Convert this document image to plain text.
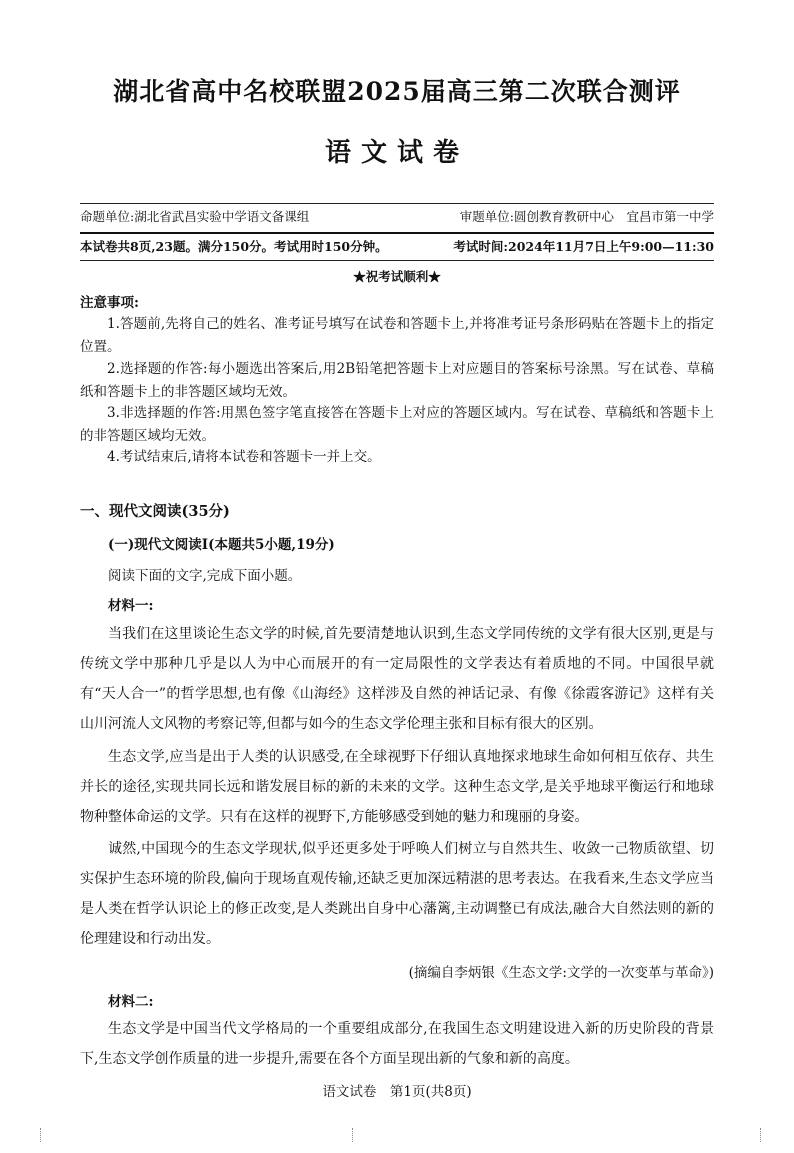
湖北省高中名校联盟2025届高三第二次联合测评
语文试卷
命题单位:湖北省武昌实验中学语文备课组	审题单位:圆创教育教研中心　宜昌市第一中学
本试卷共8页,23题。满分150分。考试用时150分钟。	考试时间:2024年11月7日上午9:00—11:30
★祝考试顺利★
注意事项:

1.答题前,先将自己的姓名、准考证号填写在试卷和答题卡上,并将准考证号条形码贴在答题卡上的指定位置。

2.选择题的作答:每小题选出答案后,用2B铅笔把答题卡上对应题目的答案标号涂黑。写在试卷、草稿纸和答题卡上的非答题区域均无效。

3.非选择题的作答:用黑色签字笔直接答在答题卡上对应的答题区域内。写在试卷、草稿纸和答题卡上的非答题区域均无效。

4.考试结束后,请将本试卷和答题卡一并上交。

一、现代文阅读(35分)
(一)现代文阅读Ⅰ(本题共5小题,19分)
阅读下面的文字,完成下面小题。
材料一:

当我们在这里谈论生态文学的时候,首先要清楚地认识到,生态文学同传统的文学有很大区别,更是与传统文学中那种几乎是以人为中心而展开的有一定局限性的文学表达有着质地的不同。中国很早就有“天人合一”的哲学思想,也有像《山海经》这样涉及自然的神话记录、有像《徐霞客游记》这样有关山川河流人文风物的考察记等,但都与如今的生态文学伦理主张和目标有很大的区别。

生态文学,应当是出于人类的认识感受,在全球视野下仔细认真地探求地球生命如何相互依存、共生并长的途径,实现共同长远和谐发展目标的新的未来的文学。这种生态文学,是关乎地球平衡运行和地球物种整体命运的文学。只有在这样的视野下,方能够感受到她的魅力和瑰丽的身姿。

诚然,中国现今的生态文学现状,似乎还更多处于呼唤人们树立与自然共生、收敛一己物质欲望、切实保护生态环境的阶段,偏向于现场直观传输,还缺乏更加深远精湛的思考表达。在我看来,生态文学应当是人类在哲学认识论上的修正改变,是人类跳出自身中心藩篱,主动调整已有成法,融合大自然法则的新的伦理建设和行动出发。

(摘编自李炳银《生态文学:文学的一次变革与革命》)
材料二:

生态文学是中国当代文学格局的一个重要组成部分,在我国生态文明建设进入新的历史阶段的背景下,生态文学创作质量的进一步提升,需要在各个方面呈现出新的气象和新的高度。

语文试卷　第1页(共8页)
